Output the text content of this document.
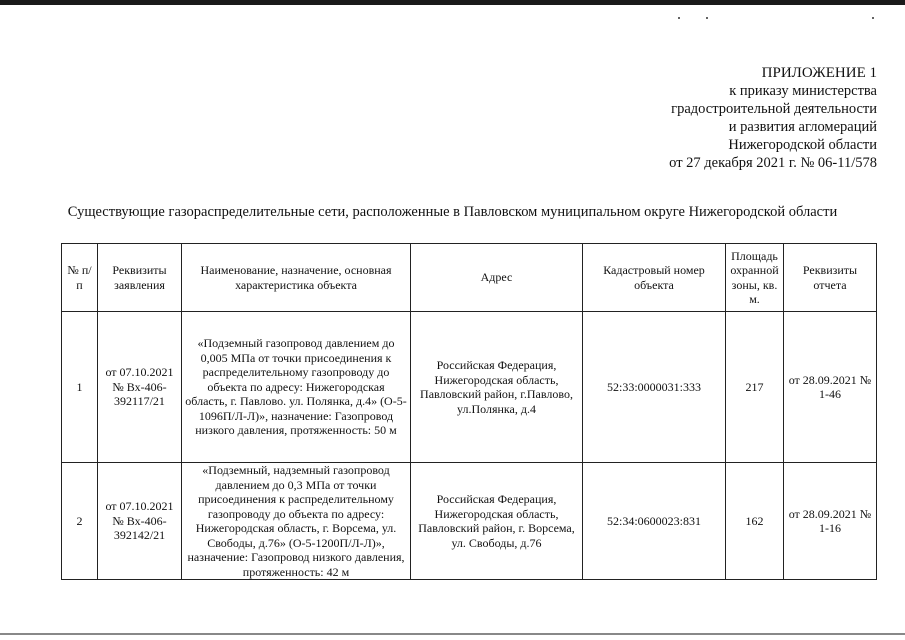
ПРИЛОЖЕНИЕ 1
к приказу министерства
градостроительной деятельности
и развития агломераций
Нижегородской области
от 27 декабря 2021 г. № 06-11/578
Существующие газораспределительные сети, расположенные в Павловском муниципальном округе Нижегородской области
№ п/п	Реквизиты заявления	Наименование, назначение, основная характеристика объекта	Адрес	Кадастровый номер объекта	Площадь охранной зоны, кв. м.	Реквизиты отчета
1	от 07.10.2021 № Вх-406-392117/21	«Подземный газопровод давлением до 0,005 МПа от точки присоединения к распределительному газопроводу до объекта по адресу: Нижегородская область, г. Павлово. ул. Полянка, д.4» (О-5-1096П/Л-Л)», назначение: Газопровод низкого давления, протяженность: 50 м	Российская Федерация, Нижегородская область, Павловский район, г.Павлово, ул.Полянка, д.4	52:33:0000031:333	217	от 28.09.2021 № 1-46
2	от 07.10.2021 № Вх-406-392142/21	«Подземный, надземный газопровод давлением до 0,3 МПа от точки присоединения к распределительному газопроводу до объекта по адресу: Нижегородская область, г. Ворсема, ул. Свободы, д.76» (О-5-1200П/Л-Л)», назначение: Газопровод низкого давления, протяженность: 42 м	Российская Федерация, Нижегородская область, Павловский район, г. Ворсема, ул. Свободы, д.76	52:34:0600023:831	162	от 28.09.2021 № 1-16
